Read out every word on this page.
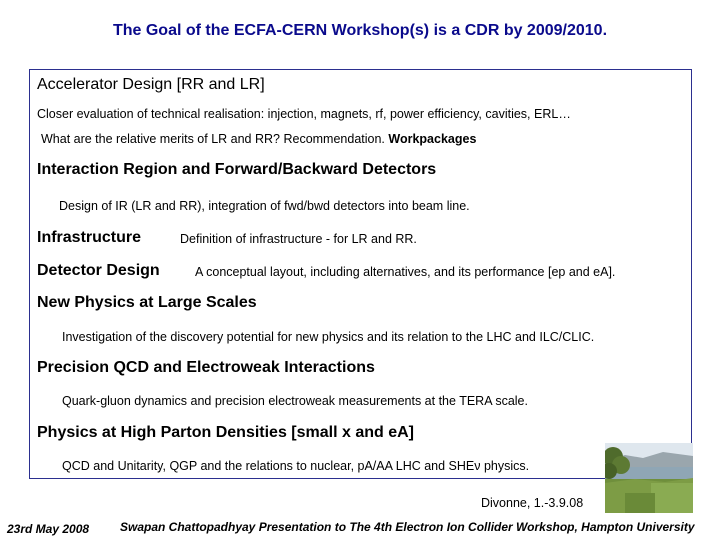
The Goal of the ECFA-CERN Workshop(s) is a CDR by 2009/2010.
Accelerator Design [RR and LR]
Closer evaluation of technical realisation: injection, magnets, rf, power efficiency, cavities, ERL…
What are the relative merits of LR and RR? Recommendation. Workpackages
Interaction Region and Forward/Backward Detectors
Design of IR (LR and RR), integration of fwd/bwd detectors into beam line.
Infrastructure	Definition of infrastructure - for LR and RR.
Detector Design	A conceptual layout, including alternatives, and its performance [ep and eA].
New Physics at Large Scales
Investigation of the discovery potential for new physics and its relation to the LHC and ILC/CLIC.
Precision QCD and Electroweak Interactions
Quark-gluon dynamics and precision electroweak measurements at the TERA scale.
Physics at High Parton Densities [small x and eA]
QCD and Unitarity, QGP and the relations to nuclear, pA/AA LHC and SHEν physics.
Divonne, 1.-3.9.08
23rd May 2008	Swapan Chattopadhyay Presentation to The 4th Electron Ion Collider Workshop, Hampton University
